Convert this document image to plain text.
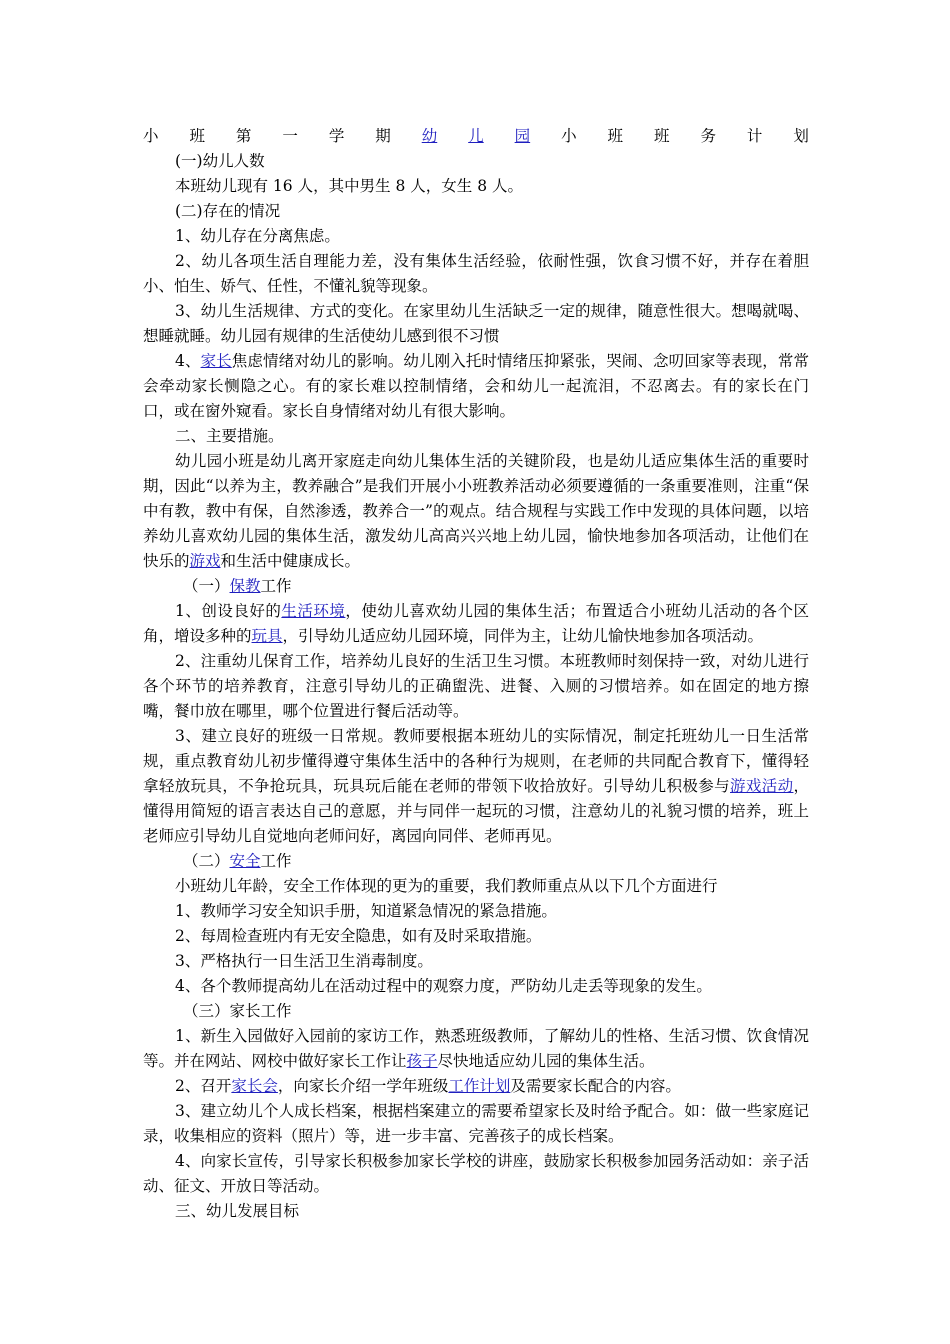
小 班 第 一 学 期 幼 儿 园 小 班 班 务 计 划

(一)幼儿人数

本班幼儿现有 16 人，其中男生 8 人，女生 8 人。

(二)存在的情况

1、幼儿存在分离焦虑。

2、幼儿各项生活自理能力差，没有集体生活经验，依耐性强，饮食习惯不好，并存在着胆小、怕生、娇气、任性，不懂礼貌等现象。

3、幼儿生活规律、方式的变化。在家里幼儿生活缺乏一定的规律，随意性很大。想喝就喝、想睡就睡。幼儿园有规律的生活使幼儿感到很不习惯

4、家长焦虑情绪对幼儿的影响。幼儿刚入托时情绪压抑紧张，哭闹、念叨回家等表现，常常会牵动家长恻隐之心。有的家长难以控制情绪，会和幼儿一起流泪，不忍离去。有的家长在门口，或在窗外窥看。家长自身情绪对幼儿有很大影响。

二、主要措施。

幼儿园小班是幼儿离开家庭走向幼儿集体生活的关键阶段，也是幼儿适应集体生活的重要时期，因此“以养为主，教养融合”是我们开展小小班教养活动必须要遵循的一条重要准则，注重“保中有教，教中有保，自然渗透，教养合一”的观点。结合规程与实践工作中发现的具体问题，以培养幼儿喜欢幼儿园的集体生活，激发幼儿高高兴兴地上幼儿园，愉快地参加各项活动，让他们在快乐的游戏和生活中健康成长。

（一）保教工作

1、创设良好的生活环境，使幼儿喜欢幼儿园的集体生活；布置适合小班幼儿活动的各个区角，增设多种的玩具，引导幼儿适应幼儿园环境，同伴为主，让幼儿愉快地参加各项活动。

2、注重幼儿保育工作，培养幼儿良好的生活卫生习惯。本班教师时刻保持一致，对幼儿进行各个环节的培养教育，注意引导幼儿的正确盥洗、进餐、入厕的习惯培养。如在固定的地方擦嘴，餐巾放在哪里，哪个位置进行餐后活动等。

3、建立良好的班级一日常规。教师要根据本班幼儿的实际情况，制定托班幼儿一日生活常规，重点教育幼儿初步懂得遵守集体生活中的各种行为规则，在老师的共同配合教育下，懂得轻拿轻放玩具，不争抢玩具，玩具玩后能在老师的带领下收拾放好。引导幼儿积极参与游戏活动，懂得用简短的语言表达自己的意愿，并与同伴一起玩的习惯，注意幼儿的礼貌习惯的培养，班上老师应引导幼儿自觉地向老师问好，离园向同伴、老师再见。

（二）安全工作

小班幼儿年龄，安全工作体现的更为的重要，我们教师重点从以下几个方面进行

1、教师学习安全知识手册，知道紧急情况的紧急措施。

2、每周检查班内有无安全隐患，如有及时采取措施。

3、严格执行一日生活卫生消毒制度。

4、各个教师提高幼儿在活动过程中的观察力度，严防幼儿走丢等现象的发生。

（三）家长工作

1、新生入园做好入园前的家访工作，熟悉班级教师，了解幼儿的性格、生活习惯、饮食情况等。并在网站、网校中做好家长工作让孩子尽快地适应幼儿园的集体生活。

2、召开家长会，向家长介绍一学年班级工作计划及需要家长配合的内容。

3、建立幼儿个人成长档案，根据档案建立的需要希望家长及时给予配合。如：做一些家庭记录，收集相应的资料（照片）等，进一步丰富、完善孩子的成长档案。

4、向家长宣传，引导家长积极参加家长学校的讲座，鼓励家长积极参加园务活动如：亲子活动、征文、开放日等活动。

三、幼儿发展目标
